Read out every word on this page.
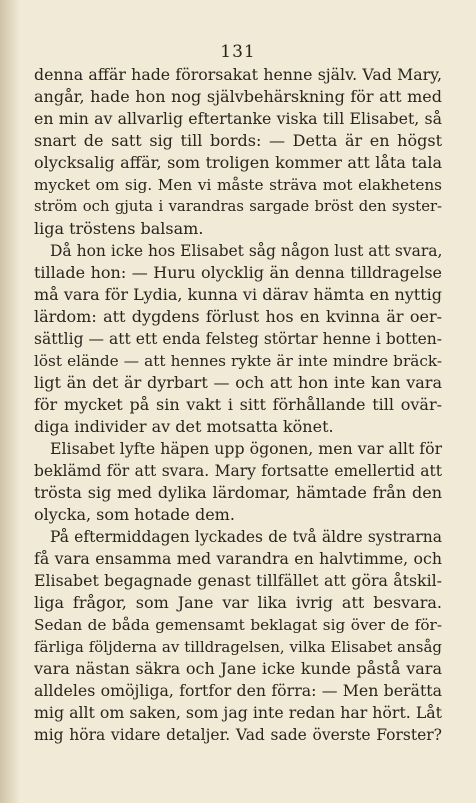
131
denna affär hade förorsakat henne själv. Vad Mary,
angår, hade hon nog självbehärskning för att med
en min av allvarlig eftertanke viska till Elisabet, så
snart de satt sig till bords: — Detta är en högst
olycksalig affär, som troligen kommer att låta tala
mycket om sig. Men vi måste sträva mot elakhetens
ström och gjuta i varandras sargade bröst den syster-
liga tröstens balsam.
Då hon icke hos Elisabet såg någon lust att svara,
tillade hon: — Huru olycklig än denna tilldragelse
må vara för Lydia, kunna vi därav hämta en nyttig
lärdom: att dygdens förlust hos en kvinna är oer-
sättlig — att ett enda felsteg störtar henne i botten-
löst elände — att hennes rykte är inte mindre bräck-
ligt än det är dyrbart — och att hon inte kan vara
för mycket på sin vakt i sitt förhållande till ovär-
diga individer av det motsatta könet.
Elisabet lyfte häpen upp ögonen, men var allt för
beklämd för att svara. Mary fortsatte emellertid att
trösta sig med dylika lärdomar, hämtade från den
olycka, som hotade dem.
På eftermiddagen lyckades de två äldre systrarna
få vara ensamma med varandra en halvtimme, och
Elisabet begagnade genast tillfället att göra åtskil-
liga frågor, som Jane var lika ivrig att besvara.
Sedan de båda gemensamt beklagat sig över de för-
färliga följderna av tilldragelsen, vilka Elisabet ansåg
vara nästan säkra och Jane icke kunde påstå vara
alldeles omöjliga, fortfor den förra: — Men berätta
mig allt om saken, som jag inte redan har hört. Låt
mig höra vidare detaljer. Vad sade överste Forster?
